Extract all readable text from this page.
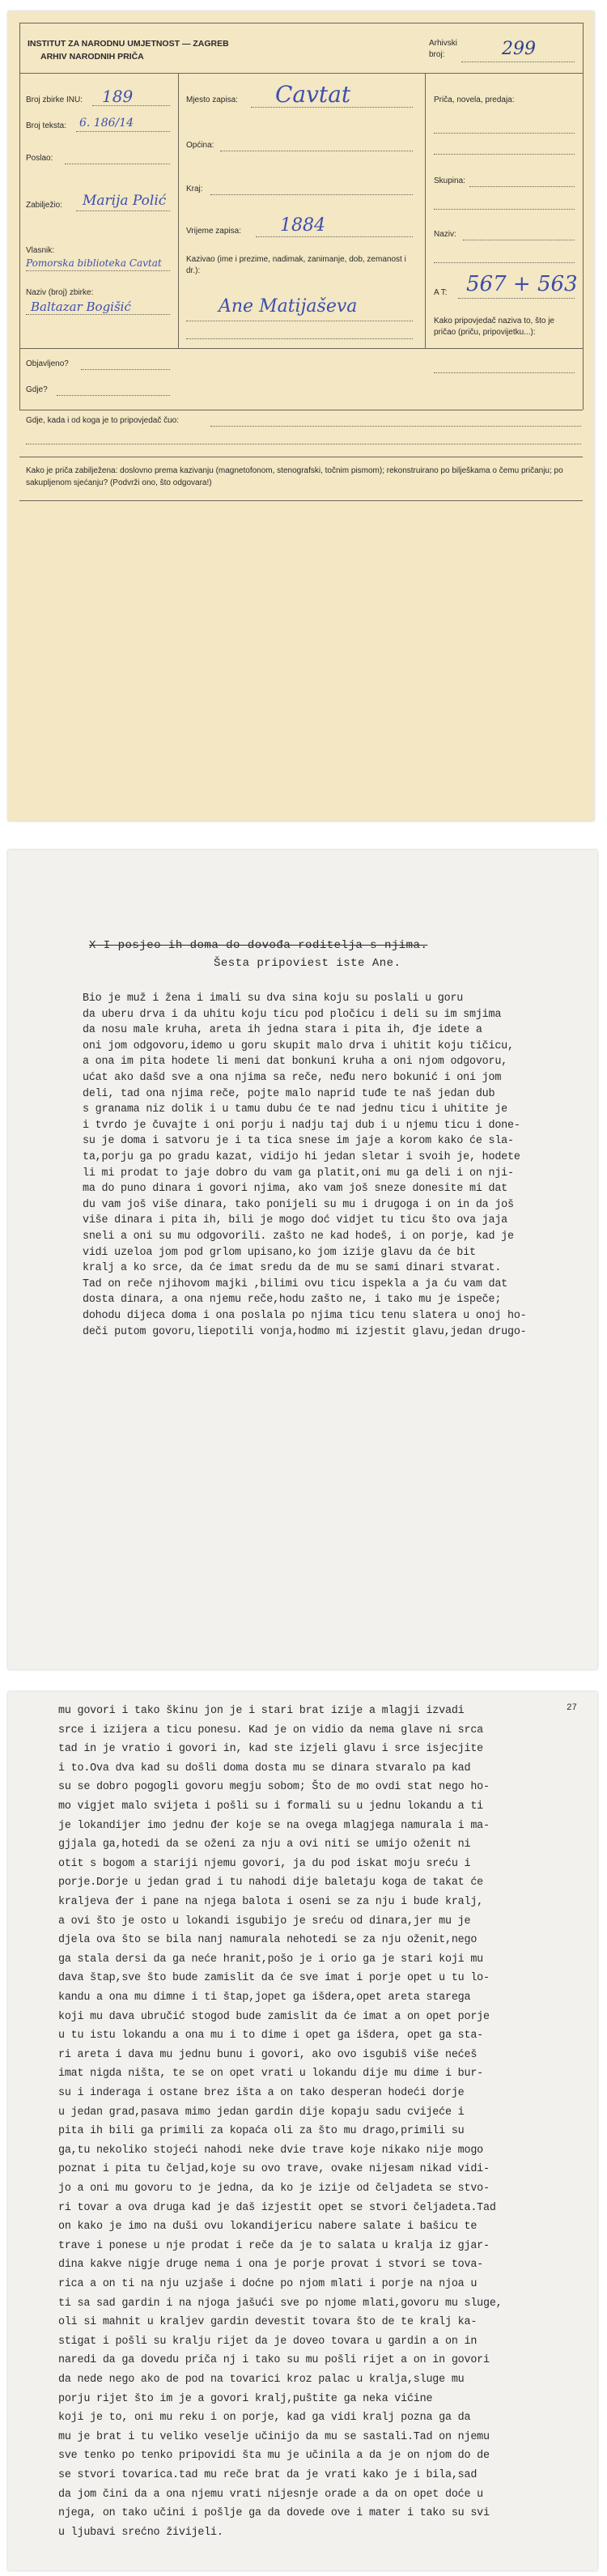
INSTITUT ZA NARODNU UMJETNOST — ZAGREB
ARHIV NARODNIH PRIČA
Arhivski
broj:	299
Broj zbirke INU: 189
Broj teksta: 6. 186/14
Poslao:
Zabilježio: Marija Polić
Vlasnik:
Pomorska biblioteka Cavtat
Naziv (broj) zbirke:
Baltazar Bogišić
Objavljeno?
Gdje?
Mjesto zapisa: Cavtat
Općina:
Kraj:
Vrijeme zapisa: 1884
Kazivao (ime i prezime, nadimak, zanimanje, dob, zemanost i dr.):
Ane Matijaševa
Priča, novela, predaja:
Skupina:
Naziv:
A T: 567 + 563
Kako pripovjedač naziva to, što je pričao (priču, pripovijetku...):
Gdje, kada i od koga je to pripovjedač čuo:
Kako je priča zabilježena: doslovno prema kazivanju (magnetofonom, stenografski, točnim pismom); rekonstruirano po bilješkama o čemu pričanju; po sakupljenom sjećanju? (Podvrži ono, što odgovara!)
X I posjeo ih doma do dovođa roditelja s njima.
Šesta pripoviest iste Ane.
Bio je muž i žena i imali su dva sina koju su poslali u goru
da uberu drva i da uhitu koju ticu pod pločicu i deli su im smjima
da nosu male kruha, areta ih jedna stara i pita ih, đje idete a
oni jom odgovoru,idemo u goru skupit malo drva i uhitit koju tičicu,
a ona im pita hodete li meni dat bonkuni kruha a oni njom odgovoru,
ućat ako dašd sve a ona njima sa reče, neđu nero bokunić i oni jom
deli, tad ona njima reče, pojte malo naprid tuđe te naš jedan dub
s granama niz dolik i u tamu dubu će te nad jednu ticu i uhitite je
i tvrdo je čuvajte i oni porju i nadju taj dub i u njemu ticu i done-
su je doma i satvoru je i ta tica snese im jaje a korom kako će sla-
ta,porju ga po gradu kazat, vidijo hi jedan sletar i svoih je, hodete
li mi prodat to jaje dobro du vam ga platit,oni mu ga deli i on nji-
ma do puno dinara i govori njima, ako vam još sneze donesite mi dat
du vam još više dinara, tako ponijeli su mu i drugoga i on in da još
više dinara i pita ih, bili je mogo doć vidjet tu ticu što ova jaja
sneli a oni su mu odgovorili. zašto ne kad hodeš, i on porje, kad je
vidi uzeloa jom pod grlom upisano,ko jom izije glavu da će bit
kralj a ko srce, da će imat sredu da de mu se sami dinari stvarat.
Tad on reče njihovom majki ,bilimi ovu ticu ispekla a ja ću vam dat
dosta dinara, a ona njemu reče,hodu zašto ne, i tako mu je ispeče;
dohodu dijeca doma i ona poslala po njima ticu tenu slatera u onoj ho-
deči putom govoru,liepotili vonja,hodmo mi izjestit glavu,jedan drugo-
27
mu govori i tako škinu jon je i stari brat izije a mlagji izvadi
srce i izijera a ticu ponesu. Kad je on vidio da nema glave ni srca
tad in je vratio i govori in, kad ste izjeli glavu i srce isjecjite
i to.Ova dva kad su došli doma dosta mu se dinara stvaralo pa kad
su se dobro pogogli govoru megju sobom; Što de mo ovdi stat nego ho-
mo vigjet malo svijeta i pošli su i formali su u jednu lokandu a ti
je lokandijer imo jednu đer koje se na ovega mlagjega namurala i ma-
gjjala ga,hotedi da se oženi za nju a ovi niti se umijo oženit ni
otit s bogom a stariji njemu govori, ja du pod iskat moju sreću i
porje.Dorje u jedan grad i tu nahodi dije baletaju koga de takat će
kraljeva đer i pane na njega balota i oseni se za nju i bude kralj,
a ovi što je osto u lokandi isgubijo je sreću od dinara,jer mu je
djela ova što se bila nanj namurala nehotedi se za nju oženit,nego
ga stala dersi da ga neće hranit,pošo je i orio ga je stari koji mu
dava štap,sve što bude zamislit da će sve imat i porje opet u tu lo-
kandu a ona mu dimne i ti štap,jopet ga išdera,opet areta starega
koji mu dava ubručić stogod bude zamislit da će imat a on opet porje
u tu istu lokandu a ona mu i to dime i opet ga išdera, opet ga sta-
ri areta i dava mu jednu bunu i govori, ako ovo isgubiš više nećeš
imat nigda ništa, te se on opet vrati u lokandu dije mu dime i bur-
su i inderaga i ostane brez išta a on tako desperan hodeći dorje
u jedan grad,pasava mimo jedan gardin dije kopaju sadu cvijeće i
pita ih bili ga primili za kopaća oli za što mu drago,primili su
ga,tu nekoliko stojeći nahodi neke dvie trave koje nikako nije mogo
poznat i pita tu čeljad,koje su ovo trave, ovake nijesam nikad vidi-
jo a oni mu govoru to je jedna, da ko je izije od čeljadeta se stvo-
ri tovar a ova druga kad je daš izjestit opet se stvori čeljadeta.Tad
on kako je imo na duši ovu lokandijericu nabere salate i bašicu te
trave i ponese u nje prodat i reče da je to salata u kralja iz gjar-
dina kakve nigje druge nema i ona je porje provat i stvori se tova-
rica a on ti na nju uzjaše i doćne po njom mlati i porje na njoa u
ti sa sad gardin i na njoga jašući sve po njome mlati,govoru mu sluge,
oli si mahnit u kraljev gardin devestit tovara što de te kralj ka-
stigat i pošli su kralju rijet da je doveo tovara u gardin a on in
naredi da ga dovedu priča nj i tako su mu pošli rijet a on in govori
da nede nego ako de pod na tovarici kroz palac u kralja,sluge mu
porju rijet što im je a govori kralj,puštite ga neka vićine
koji je to, oni mu reku i on porje, kad ga vidi kralj pozna ga da
mu je brat i tu veliko veselje učinijo da mu se sastali.Tad on njemu
sve tenko po tenko pripovidi šta mu je učinila a da je on njom do de
se stvori tovarica.tad mu reče brat da je vrati kako je i bila,sad
da jom čini da a ona njemu vrati nijesnje orade a da on opet doće u
njega, on tako učini i pošlje ga da dovede ove i mater i tako su svi
u ljubavi srećno živijeli.
